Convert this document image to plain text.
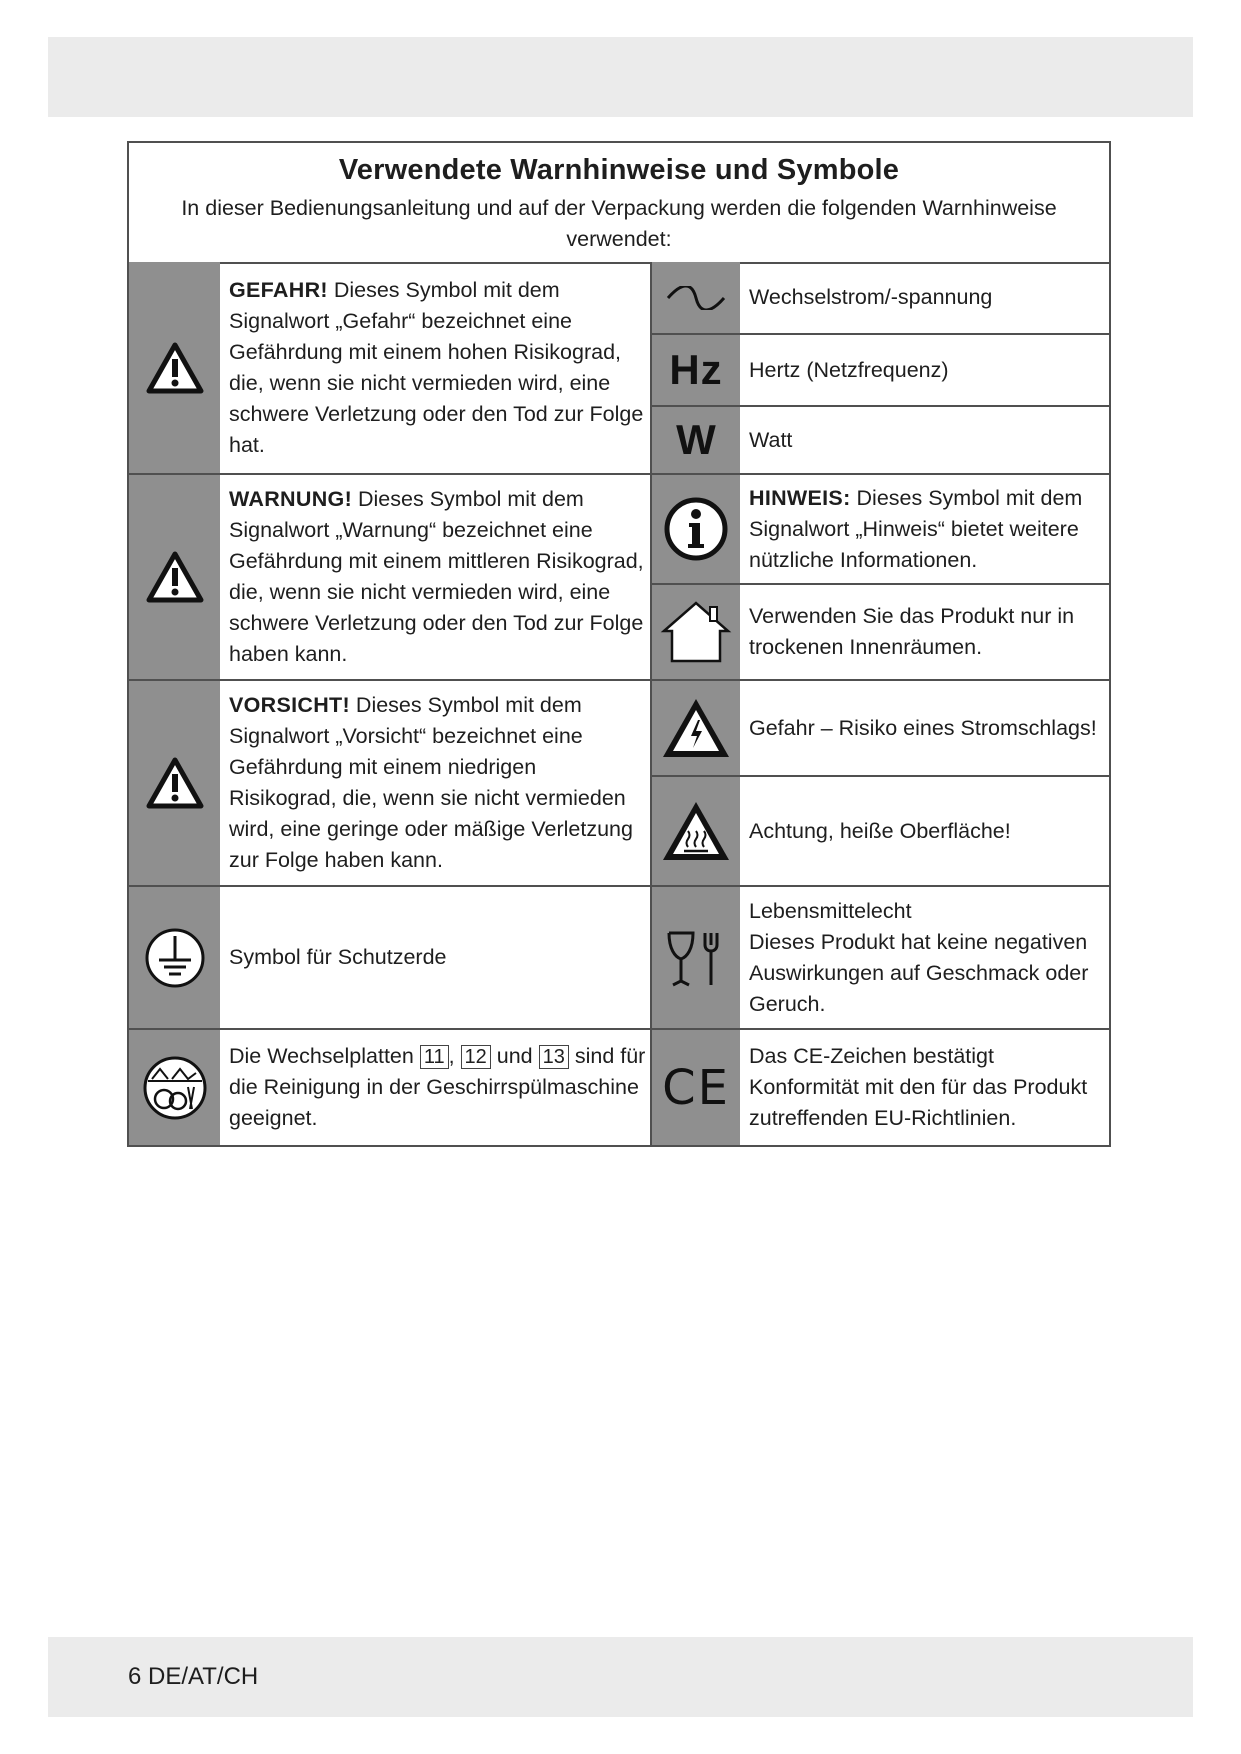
Verwendete Warnhinweise und Symbole
In dieser Bedienungsanleitung und auf der Verpackung werden die folgenden Warnhinweise verwendet:
GEFAHR! Dieses Symbol mit dem Signalwort „Gefahr“ bezeichnet eine Gefährdung mit einem hohen Risikograd, die, wenn sie nicht vermieden wird, eine schwere Verletzung oder den Tod zur Folge hat.
WARNUNG! Dieses Symbol mit dem Signalwort „Warnung“ bezeichnet eine Gefährdung mit einem mittleren Risikograd, die, wenn sie nicht vermieden wird, eine schwere Verletzung oder den Tod zur Folge haben kann.
VORSICHT! Dieses Symbol mit dem Signalwort „Vorsicht“ bezeichnet eine Gefährdung mit einem niedrigen Risikograd, die, wenn sie nicht vermieden wird, eine geringe oder mäßige Verletzung zur Folge haben kann.
Symbol für Schutzerde
Die Wechselplatten 11 , 12 und 13 sind für die Reinigung in der Geschirrspülmaschine geeignet.
Wechselstrom/-spannung
Hz Hertz (Netzfrequenz)
W Watt
HINWEIS: Dieses Symbol mit dem Signalwort „Hinweis“ bietet weitere nützliche Informationen.
Verwenden Sie das Produkt nur in trockenen Innenräumen.
Gefahr – Risiko eines Stromschlags!
Achtung, heiße Oberfläche!
Lebensmittelecht
Dieses Produkt hat keine negativen Auswirkungen auf Geschmack oder Geruch.
CE
Das CE-Zeichen bestätigt Konformität mit den für das Produkt zutreffenden EU-Richtlinien.
6 DE/AT/CH
